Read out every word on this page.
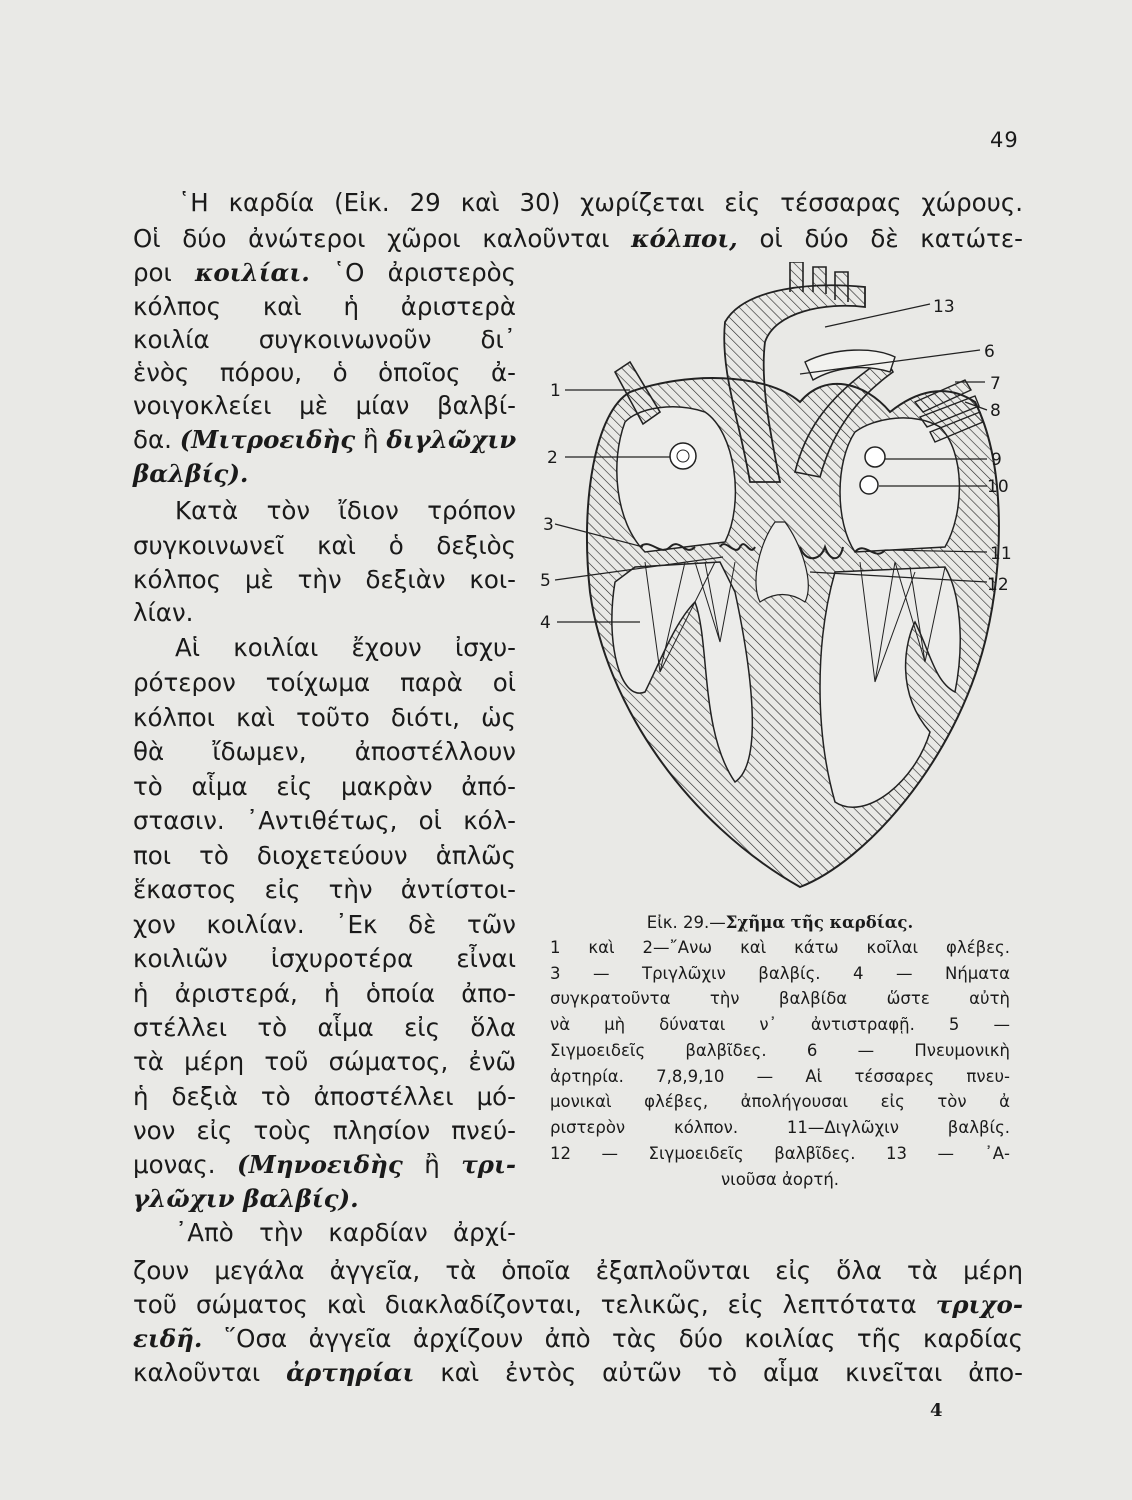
49
῾Η καρδία (Εἰκ. 29 καὶ 30) χωρίζεται εἰς τέσσαρας χώρους.
Οἱ δύο ἀνώτεροι χῶροι καλοῦνται κόλποι, οἱ δύο δὲ κατώτε-
ροι κοιλίαι. ῾Ο ἀριστερὸς
κόλπος καὶ ἡ ἀριστερὰ
κοιλία συγκοινωνοῦν δι᾿
ἑνὸς πόρου, ὁ ὁποῖος ἀ-
νοιγοκλείει μὲ μίαν βαλβί-
δα. (Μιτροειδὴς ἢ διγλῶχιν
βαλβίς).
Κατὰ τὸν ἴδιον τρόπον
συγκοινωνεῖ καὶ ὁ δεξιὸς
κόλπος μὲ τὴν δεξιὰν κοι-
λίαν.
Αἱ κοιλίαι ἔχουν ἰσχυ-
ρότερον τοίχωμα παρὰ οἱ
κόλποι καὶ τοῦτο διότι, ὡς
θὰ ἴδωμεν, ἀποστέλλουν
τὸ αἷμα εἰς μακρὰν ἀπό-
στασιν. ᾿Αντιθέτως, οἱ κόλ-
ποι τὸ διοχετεύουν ἁπλῶς
ἕκαστος εἰς τὴν ἀντίστοι-
χον κοιλίαν. ᾿Εκ δὲ τῶν
κοιλιῶν ἰσχυροτέρα εἶναι
ἡ ἀριστερά, ἡ ὁποία ἀπο-
στέλλει τὸ αἷμα εἰς ὅλα
τὰ μέρη τοῦ σώματος, ἐνῶ
ἡ δεξιὰ τὸ ἀποστέλλει μό-
νον εἰς τοὺς πλησίον πνεύ-
μονας. (Μηνοειδὴς ἢ τρι-
γλῶχιν βαλβίς).
᾿Απὸ τὴν καρδίαν ἀρχί-
ζουν μεγάλα ἀγγεῖα, τὰ ὁποῖα ἐξαπλοῦνται εἰς ὅλα τὰ μέρη
τοῦ σώματος καὶ διακλαδίζονται, τελικῶς, εἰς λεπτότατα τριχο-
ειδῆ. ῞Οσα ἀγγεῖα ἀρχίζουν ἀπὸ τὰς δύο κοιλίας τῆς καρδίας
καλοῦνται ἀρτηρίαι καὶ ἐντὸς αὐτῶν τὸ αἷμα κινεῖται ἀπο-
1
2
3
5
4
13
6
7
8
9
10
11
12
Εἰκ. 29.—Σχῆμα τῆς καρδίας.
1 καὶ 2—῎Ανω καὶ κάτω κοῖλαι φλέβες.
3 — Τριγλῶχιν βαλβίς. 4 — Νήματα
συγκρατοῦντα τὴν βαλβίδα ὥστε αὐτὴ
νὰ μὴ δύναται ν᾿ ἀντιστραφῇ. 5 —
Σιγμοειδεῖς βαλβῖδες. 6 — Πνευμονικὴ
ἀρτηρία. 7,8,9,10 — Αἱ τέσσαρες πνευ-
μονικαὶ φλέβες, ἀπολήγουσαι εἰς τὸν ἀ
ριστερὸν κόλπον. 11—Διγλῶχιν βαλβίς.
12 — Σιγμοειδεῖς βαλβῖδες. 13 — ᾿Α-
νιοῦσα ἀορτή.
4
